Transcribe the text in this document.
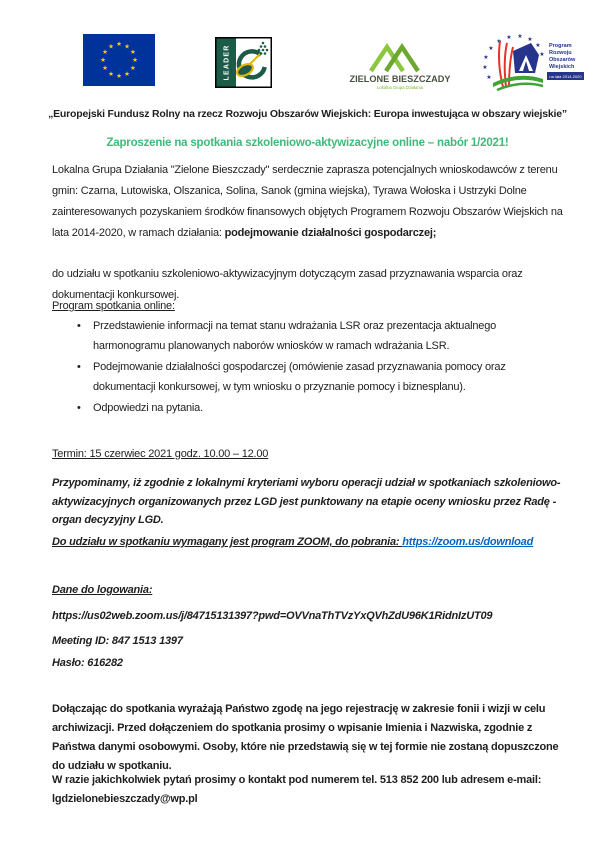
★ ★
★
★
★
★
★
★
★
★
★
★	LEADER	ZIELONE BIESZCZADY
Lokalna Grupa Działania
★
★
★
★
★
★ ★ ★
★
★
Program
Rozwoju
Obszarów
Wiejskich
na lata 2014-2020
„Europejski Fundusz Rolny na rzecz Rozwoju Obszarów Wiejskich: Europa inwestująca w obszary wiejskie”
Zaproszenie na spotkania szkoleniowo-aktywizacyjne online – nabór 1/2021!
Lokalna Grupa Działania "Zielone Bieszczady" serdecznie zaprasza potencjalnych wnioskodawców z terenu gmin: Czarna, Lutowiska, Olszanica, Solina, Sanok (gmina wiejska), Tyrawa Wołoska i Ustrzyki Dolne zainteresowanych pozyskaniem środków finansowych objętych Programem Rozwoju Obszarów Wiejskich na lata 2014-2020, w ramach działania: podejmowanie działalności gospodarczej;
do udziału w spotkaniu szkoleniowo-aktywizacyjnym dotyczącym zasad przyznawania wsparcia oraz dokumentacji konkursowej.
Program spotkania online:
• Przedstawienie informacji na temat stanu wdrażania LSR oraz prezentacja aktualnego harmonogramu planowanych naborów wniosków w ramach wdrażania LSR.
• Podejmowanie działalności gospodarczej (omówienie zasad przyznawania pomocy oraz dokumentacji konkursowej, w tym wniosku o przyznanie pomocy i biznesplanu).
• Odpowiedzi na pytania.
Termin: 15 czerwiec 2021 godz. 10.00 – 12.00
Przypominamy, iż zgodnie z lokalnymi kryteriami wyboru operacji udział w spotkaniach szkoleniowo-aktywizacyjnych organizowanych przez LGD jest punktowany na etapie oceny wniosku przez Radę - organ decyzyjny LGD.
Do udziału w spotkaniu wymagany jest program ZOOM, do pobrania: https://zoom.us/download
Dane do logowania:
https://us02web.zoom.us/j/84715131397?pwd=OVVnaThTVzYxQVhZdU96K1RidnIzUT09
Meeting ID: 847 1513 1397
Hasło: 616282
Dołączając do spotkania wyrażają Państwo zgodę na jego rejestrację w zakresie fonii i wizji w celu archiwizacji. Przed dołączeniem do spotkania prosimy o wpisanie Imienia i Nazwiska, zgodnie z Państwa danymi osobowymi. Osoby, które nie przedstawią się w tej formie nie zostaną dopuszczone do udziału w spotkaniu.
W razie jakichkolwiek pytań prosimy o kontakt pod numerem tel. 513 852 200 lub adresem e-mail: lgdzielonebieszczady@wp.pl
